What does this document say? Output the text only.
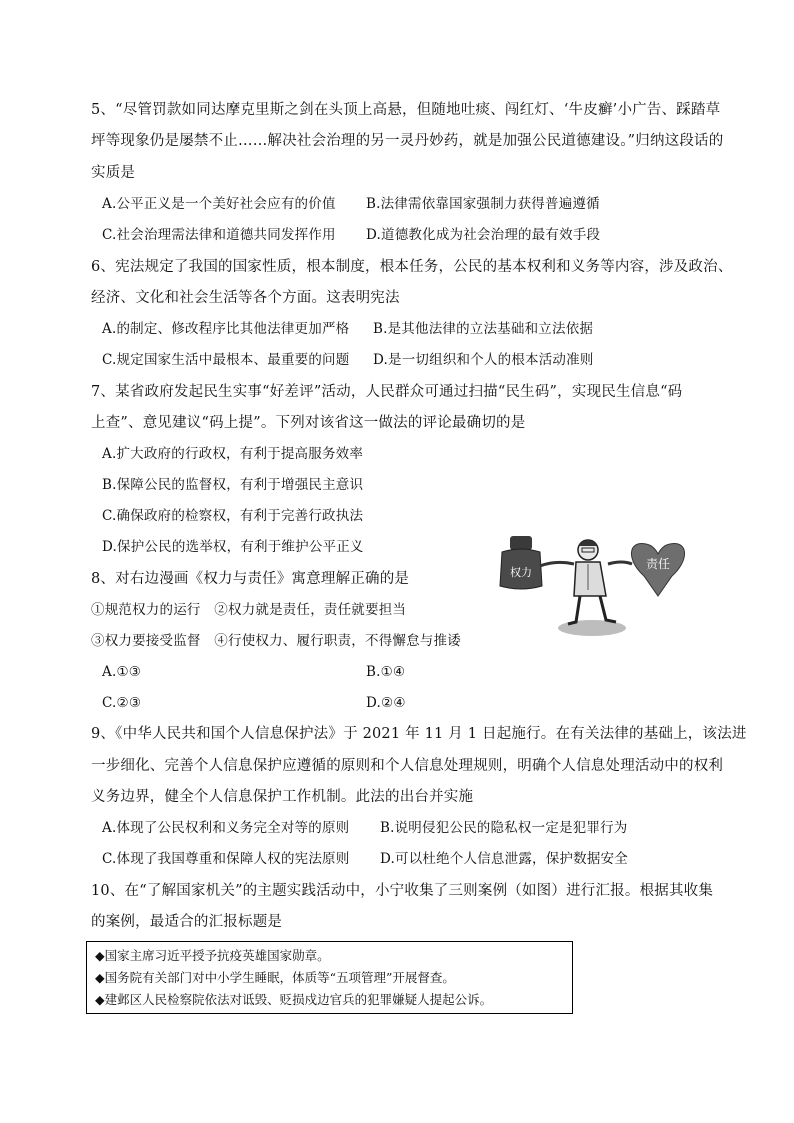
5、“尽管罚款如同达摩克里斯之剑在头顶上高悬，但随地吐痰、闯红灯、‘牛皮癣’小广告、踩踏草
坪等现象仍是屡禁不止……解决社会治理的另一灵丹妙药，就是加强公民道德建设。”归纳这段话的
实质是
A.公平正义是一个美好社会应有的价值 B.法律需依靠国家强制力获得普遍遵循
C.社会治理需法律和道德共同发挥作用 D.道德教化成为社会治理的最有效手段
6、宪法规定了我国的国家性质，根本制度，根本任务，公民的基本权利和义务等内容，涉及政治、
经济、文化和社会生活等各个方面。这表明宪法
A.的制定、修改程序比其他法律更加严格 B.是其他法律的立法基础和立法依据
C.规定国家生活中最根本、最重要的问题 D.是一切组织和个人的根本活动准则
7、某省政府发起民生实事“好差评”活动，人民群众可通过扫描“民生码”，实现民生信息“码
上查”、意见建议“码上提”。下列对该省这一做法的评论最确切的是
A.扩大政府的行政权，有利于提高服务效率
B.保障公民的监督权，有利于增强民主意识
C.确保政府的检察权，有利于完善行政执法
D.保护公民的选举权，有利于维护公平正义
8、对右边漫画《权力与责任》寓意理解正确的是
①规范权力的运行　②权力就是责任，责任就要担当
③权力要接受监督　④行使权力、履行职责，不得懈怠与推诿
A.①③	B.①④
C.②③	D.②④
权力
责任
9、《中华人民共和国个人信息保护法》于 2021 年 11 月 1 日起施行。在有关法律的基础上，该法进
一步细化、完善个人信息保护应遵循的原则和个人信息处理规则，明确个人信息处理活动中的权利
义务边界，健全个人信息保护工作机制。此法的出台并实施
A.体现了公民权利和义务完全对等的原则 B.说明侵犯公民的隐私权一定是犯罪行为
C.体现了我国尊重和保障人权的宪法原则 D.可以杜绝个人信息泄露，保护数据安全
10、在“了解国家机关”的主题实践活动中，小宁收集了三则案例（如图）进行汇报。根据其收集
的案例，最适合的汇报标题是
◆国家主席习近平授予抗疫英雄国家勋章。
◆国务院有关部门对中小学生睡眠，体质等“五项管理”开展督查。
◆建邺区人民检察院依法对诋毁、贬损戍边官兵的犯罪嫌疑人提起公诉。
